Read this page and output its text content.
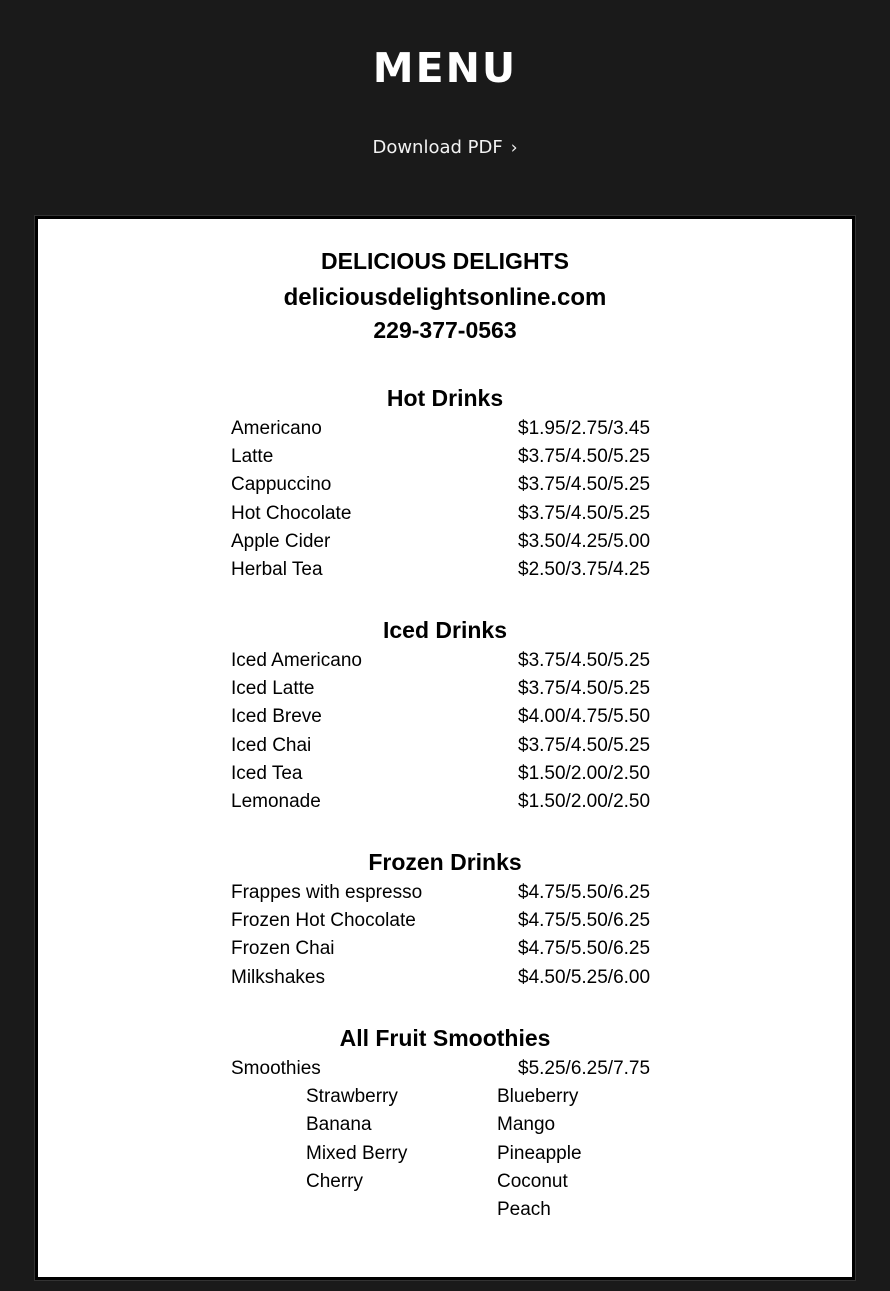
MENU
Download PDF ›
DELICIOUS DELIGHTS
deliciousdelightsonline.com
229-377-0563
Hot Drinks
Americano	$1.95/2.75/3.45
Latte	$3.75/4.50/5.25
Cappuccino	$3.75/4.50/5.25
Hot Chocolate	$3.75/4.50/5.25
Apple Cider	$3.50/4.25/5.00
Herbal Tea	$2.50/3.75/4.25
Iced Drinks
Iced Americano	$3.75/4.50/5.25
Iced Latte	$3.75/4.50/5.25
Iced Breve	$4.00/4.75/5.50
Iced Chai	$3.75/4.50/5.25
Iced Tea	$1.50/2.00/2.50
Lemonade	$1.50/2.00/2.50
Frozen Drinks
Frappes with espresso	$4.75/5.50/6.25
Frozen Hot Chocolate	$4.75/5.50/6.25
Frozen Chai	$4.75/5.50/6.25
Milkshakes	$4.50/5.25/6.00
All Fruit Smoothies
Smoothies	$5.25/6.25/7.75
Strawberry	Blueberry
Banana	Mango
Mixed Berry	Pineapple
Cherry	Coconut
Peach
